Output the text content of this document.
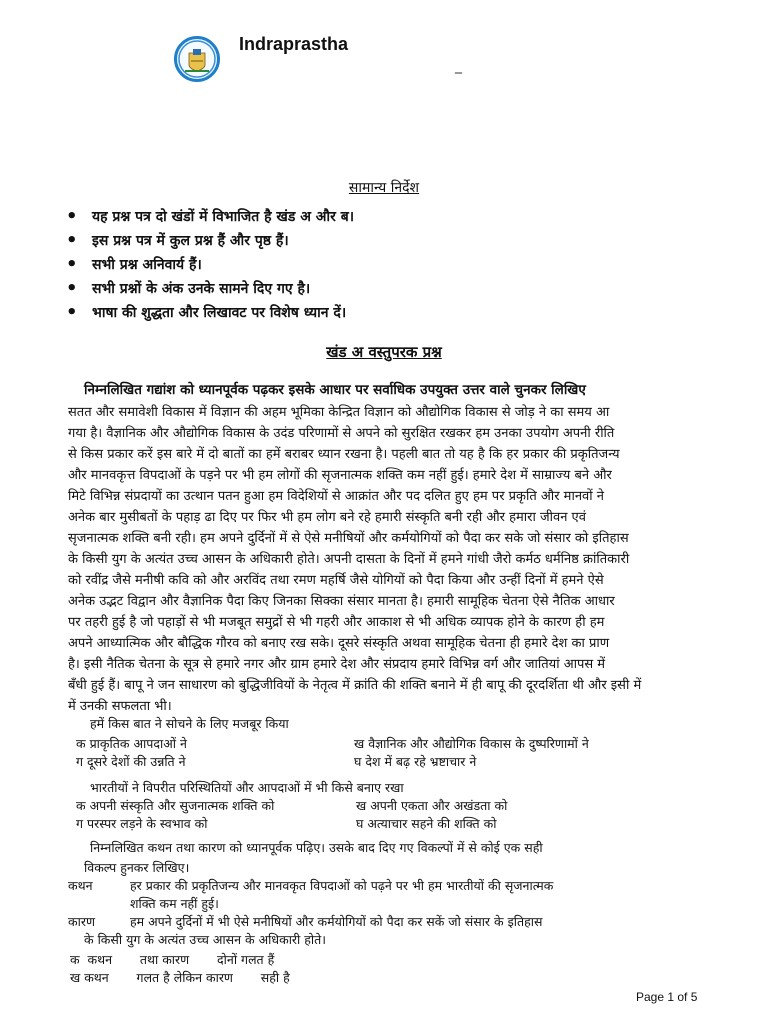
Indraprastha
_
सामान्य निर्देश
• यह प्रश्न पत्र दो खंडों में विभाजित है खंड अ और ब।
• इस प्रश्न पत्र में कुल प्रश्न हैं और पृष्ठ हैं।
• सभी प्रश्न अनिवार्य हैं।
• सभी प्रश्नों के अंक उनके सामने दिए गए है।
• भाषा की शुद्धता और लिखावट पर विशेष ध्यान दें।
खंड अ वस्तुपरक प्रश्न
निम्नलिखित गद्यांश को ध्यानपूर्वक पढ़कर इसके आधार पर सर्वाधिक उपयुक्त उत्तर वाले चुनकर लिखिए
सतत और समावेशी विकास में विज्ञान की अहम भूमिका केन्द्रित विज्ञान को औद्योगिक विकास से जोड़ ने का समय आ
गया है। वैज्ञानिक और औद्योगिक विकास के उदंड परिणामों से अपने को सुरक्षित रखकर हम उनका उपयोग अपनी रीति
से किस प्रकार करें इस बारे में दो बातों का हमें बराबर ध्यान रखना है। पहली बात तो यह है कि हर प्रकार की प्रकृतिजन्य
और मानवकृत्त विपदाओं के पड़ने पर भी हम लोगों की सृजनात्मक शक्ति कम नहीं हुई। हमारे देश में साम्राज्य बने और
मिटे विभिन्न संप्रदायों का उत्थान पतन हुआ हम विदेशियों से आक्रांत और पद दलित हुए हम पर प्रकृति और मानवों ने
अनेक बार मुसीबतों के पहाड़ ढा दिए पर फिर भी हम लोग बने रहे हमारी संस्कृति बनी रही और हमारा जीवन एवं
सृजनात्मक शक्ति बनी रही। हम अपने दुर्दिनों में से ऐसे मनीषियों और कर्मयोगियों को पैदा कर सके जो संसार को इतिहास
के किसी युग के अत्यंत उच्च आसन के अधिकारी होते। अपनी दासता के दिनों में हमने गांधी जैरो कर्मठ धर्मनिष्ठ क्रांतिकारी
को रवींद्र जैसे मनीषी कवि को और अरविंद तथा रमण महर्षि जैसे योगियों को पैदा किया और उन्हीं दिनों में हमने ऐसे
अनेक उद्भट विद्वान और वैज्ञानिक पैदा किए जिनका सिक्का संसार मानता है। हमारी सामूहिक चेतना ऐसे नैतिक आधार
पर तहरी हुई है जो पहाड़ों से भी मजबूत समुद्रों से भी गहरी और आकाश से भी अधिक व्यापक होने के कारण ही हम
अपने आध्यात्मिक और बौद्धिक गौरव को बनाए रख सके। दूसरे संस्कृति अथवा सामूहिक चेतना ही हमारे देश का प्राण
है। इसी नैतिक चेतना के सूत्र से हमारे नगर और ग्राम हमारे देश और संप्रदाय हमारे विभिन्न वर्ग और जातियां आपस में
बँधी हुई हैं। बापू ने जन साधारण को बुद्धिजीवियों के नेतृत्व में क्रांति की शक्ति बनाने में ही बापू की दूरदर्शिता थी और इसी में
में उनकी सफलता भी।
हमें किस बात ने सोचने के लिए मजबूर किया
क प्राकृतिक आपदाओं ने	ख वैज्ञानिक और औद्योगिक विकास के दुष्परिणामों ने
ग दूसरे देशों की उन्नति ने	घ देश में बढ़ रहे भ्रष्टाचार ने
भारतीयों ने विपरीत परिस्थितियों और आपदाओं में भी किसे बनाए रखा
क अपनी संस्कृति और सुजनात्मक शक्ति को	ख अपनी एकता और अखंडता को
ग परस्पर लड़ने के स्वभाव को	घ अत्याचार सहने की शक्ति को
निम्नलिखित कथन तथा कारण को ध्यानपूर्वक पढ़िए। उसके बाद दिए गए विकल्पों में से कोई एक सही
विकल्प हुनकर लिखिए।
कथन	हर प्रकार की प्रकृतिजन्य और मानवकृत विपदाओं को पढ़ने पर भी हम भारतीयों की सृजनात्मक
शक्ति कम नहीं हुई।
कारण	हम अपने दुर्दिनों में भी ऐसे मनीषियों और कर्मयोगियों को पैदा कर सकें जो संसार के इतिहास
के किसी युग के अत्यंत उच्च आसन के अधिकारी होते।
क  कथन       तथा कारण       दोनों गलत हैं
ख कथन       गलत है लेकिन कारण       सही है
Page 1 of 5
